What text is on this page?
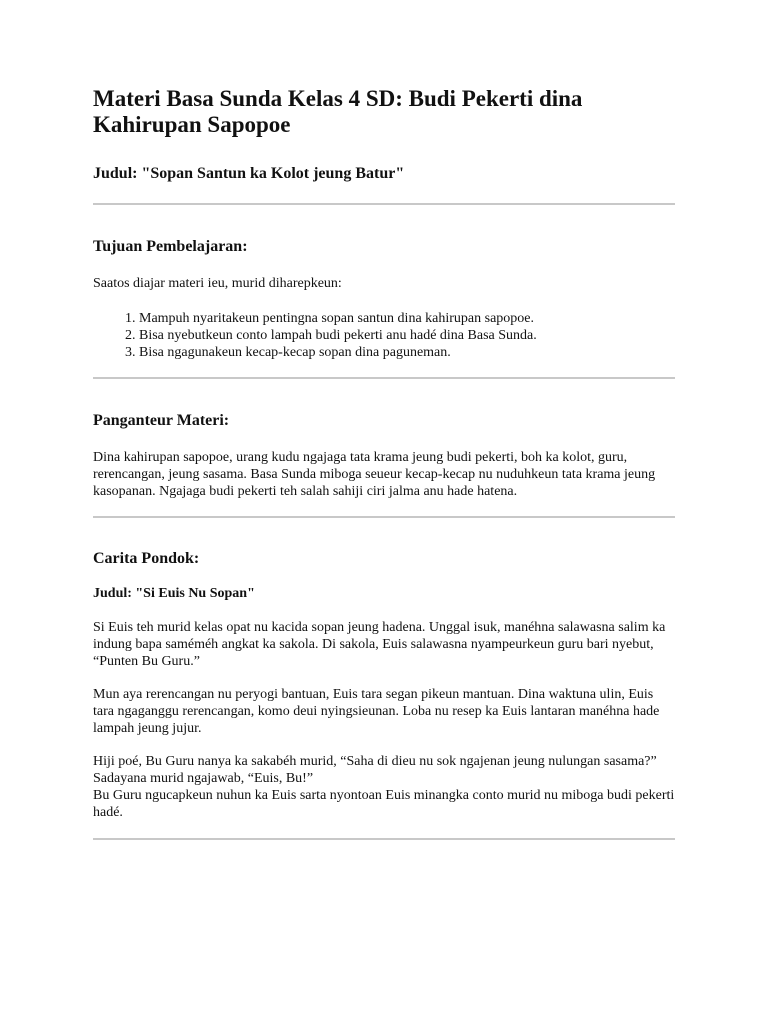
Materi Basa Sunda Kelas 4 SD: Budi Pekerti dina Kahirupan Sapopoe
Judul: "Sopan Santun ka Kolot jeung Batur"
Tujuan Pembelajaran:

Saatos diajar materi ieu, murid diharepkeun:

1. Mampuh nyaritakeun pentingna sopan santun dina kahirupan sapopoe.
2. Bisa nyebutkeun conto lampah budi pekerti anu hadé dina Basa Sunda.
3. Bisa ngagunakeun kecap-kecap sopan dina paguneman.
Panganteur Materi:

Dina kahirupan sapopoe, urang kudu ngajaga tata krama jeung budi pekerti, boh ka kolot, guru, rerencangan, jeung sasama. Basa Sunda miboga seueur kecap-kecap nu nuduhkeun tata krama jeung kasopanan. Ngajaga budi pekerti teh salah sahiji ciri jalma anu hade hatena.

Carita Pondok:
Judul: "Si Euis Nu Sopan"

Si Euis teh murid kelas opat nu kacida sopan jeung hadena. Unggal isuk, manéhna salawasna salim ka indung bapa saméméh angkat ka sakola. Di sakola, Euis salawasna nyampeurkeun guru bari nyebut, “Punten Bu Guru.”

Mun aya rerencangan nu peryogi bantuan, Euis tara segan pikeun mantuan. Dina waktuna ulin, Euis tara ngaganggu rerencangan, komo deui nyingsieunan. Loba nu resep ka Euis lantaran manéhna hade lampah jeung jujur.

Hiji poé, Bu Guru nanya ka sakabéh murid, “Saha di dieu nu sok ngajenan jeung nulungan sasama?”

Sadayana murid ngajawab, “Euis, Bu!”

Bu Guru ngucapkeun nuhun ka Euis sarta nyontoan Euis minangka conto murid nu miboga budi pekerti hadé.
